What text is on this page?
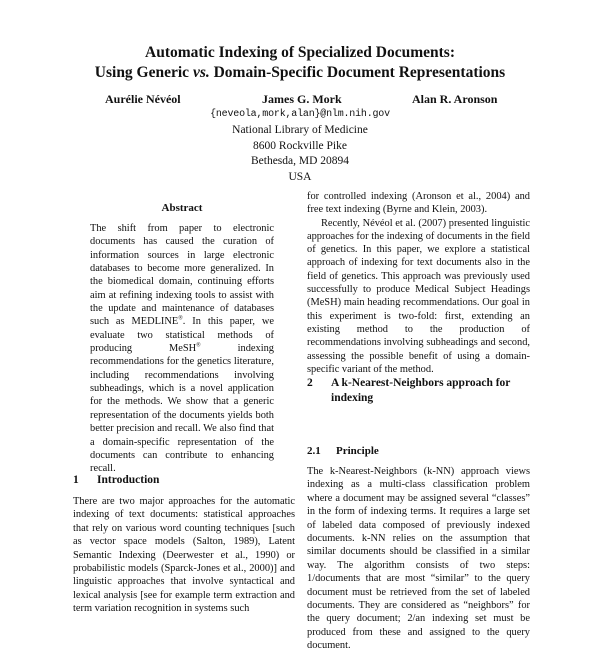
Automatic Indexing of Specialized Documents:
Using Generic vs. Domain-Specific Document Representations
Aurélie Névéol	James G. Mork	Alan R. Aronson
{neveola,mork,alan}@nlm.nih.gov
National Library of Medicine
8600 Rockville Pike
Bethesda, MD 20894
USA
Abstract
The shift from paper to electronic documents has caused the curation of information sources in large electronic databases to become more generalized. In the biomedical domain, continuing efforts aim at refining indexing tools to assist with the update and maintenance of databases such as MEDLINE®. In this paper, we evaluate two statistical methods of producing MeSH® indexing recommendations for the genetics literature, including recommendations involving subheadings, which is a novel application for the methods. We show that a generic representation of the documents yields both better precision and recall. We also find that a domain-specific representation of the documents can contribute to enhancing recall.
1 Introduction
There are two major approaches for the automatic indexing of text documents: statistical approaches that rely on various word counting techniques [such as vector space models (Salton, 1989), Latent Semantic Indexing (Deerwester et al., 1990) or probabilistic models (Sparck-Jones et al., 2000)] and linguistic approaches that involve syntactical and lexical analysis [see for example term extraction and term variation recognition in systems such

for controlled indexing (Aronson et al., 2004) and free text indexing (Byrne and Klein, 2003).

Recently, Névéol et al. (2007) presented linguistic approaches for the indexing of documents in the field of genetics. In this paper, we explore a statistical approach of indexing for text documents also in the field of genetics. This approach was previously used successfully to produce Medical Subject Headings (MeSH) main heading recommendations. Our goal in this experiment is two-fold: first, extending an existing method to the production of recommendations involving subheadings and second, assessing the possible benefit of using a domain-specific variant of the method.

2 A k-Nearest-Neighbors approach for
indexing
2.1 Principle
The k-Nearest-Neighbors (k-NN) approach views indexing as a multi-class classification problem where a document may be assigned several “classes” in the form of indexing terms. It requires a large set of labeled data composed of previously indexed documents. k-NN relies on the assumption that similar documents should be classified in a similar way. The algorithm consists of two steps: 1/documents that are most “similar” to the query document must be retrieved from the set of labeled documents. They are considered as “neighbors” for the query document; 2/an indexing set must be produced from these and assigned to the query document.
